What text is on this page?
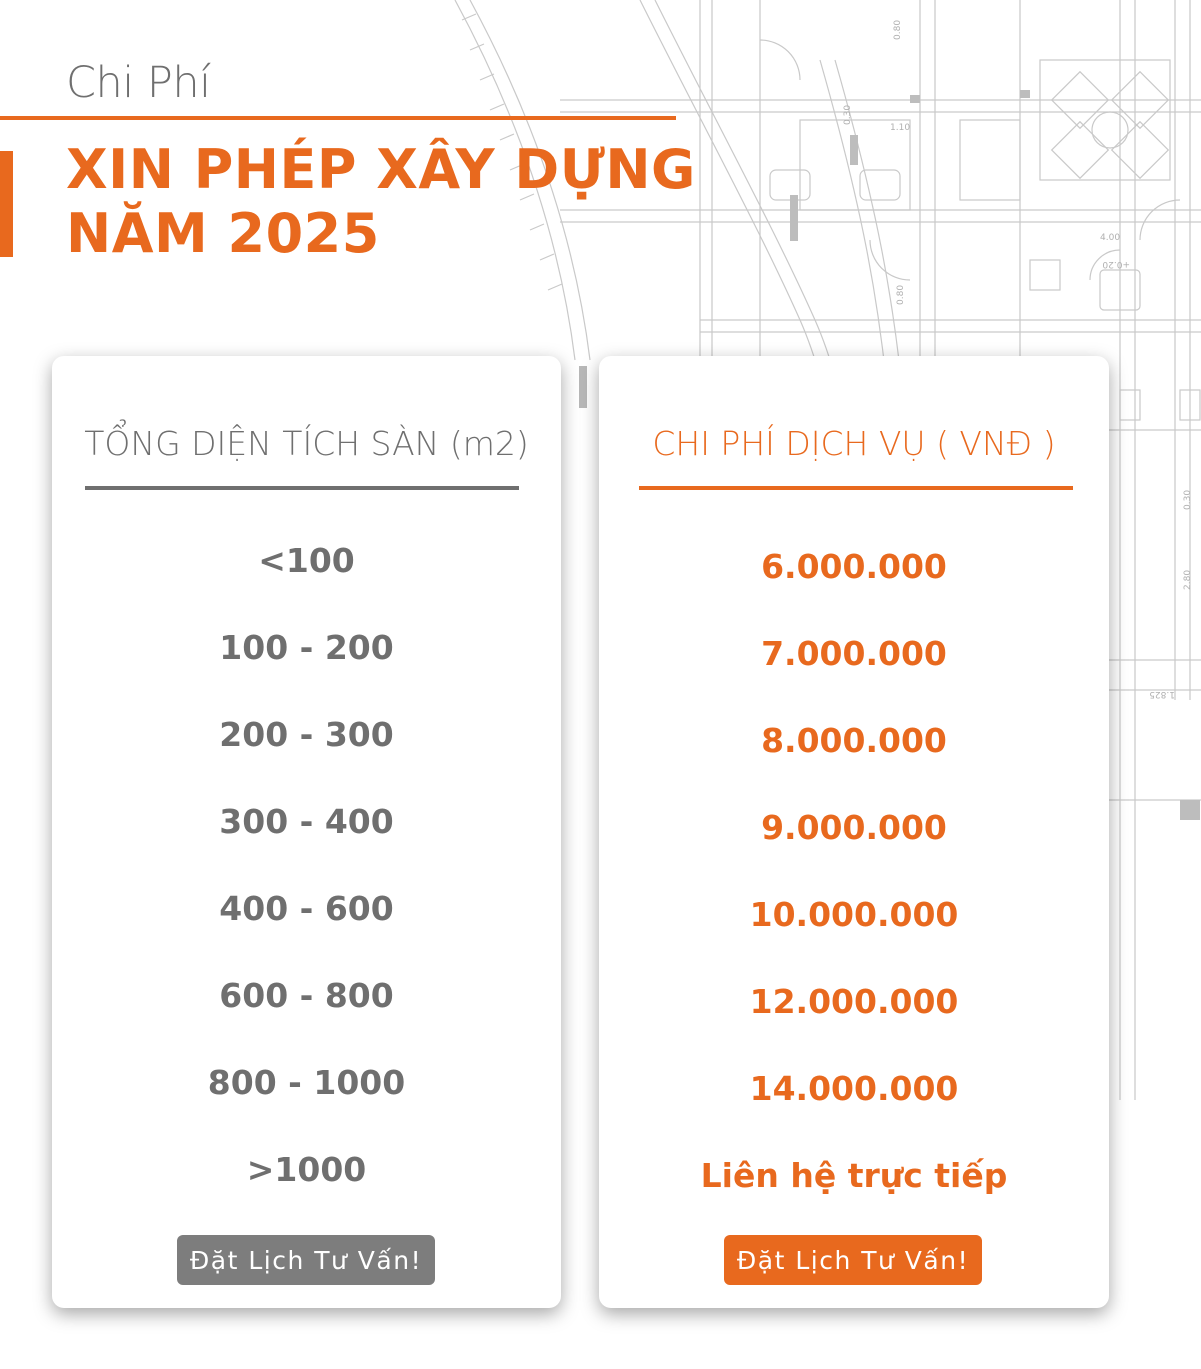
0.80
1.10
0.30
4.00
0.80
+0.20
0.30
2.80
1.825
Chi Phí
XIN PHÉP XÂY DỰNG
NĂM 2025
TỔNG DIỆN TÍCH SÀN (m2)
<100
100 - 200
200 - 300
300 - 400
400 - 600
600 - 800
800 - 1000
>1000
Đặt Lịch Tư Vấn!
CHI PHÍ DỊCH VỤ ( VNĐ )
6.000.000
7.000.000
8.000.000
9.000.000
10.000.000
12.000.000
14.000.000
Liên hệ trực tiếp
Đặt Lịch Tư Vấn!
